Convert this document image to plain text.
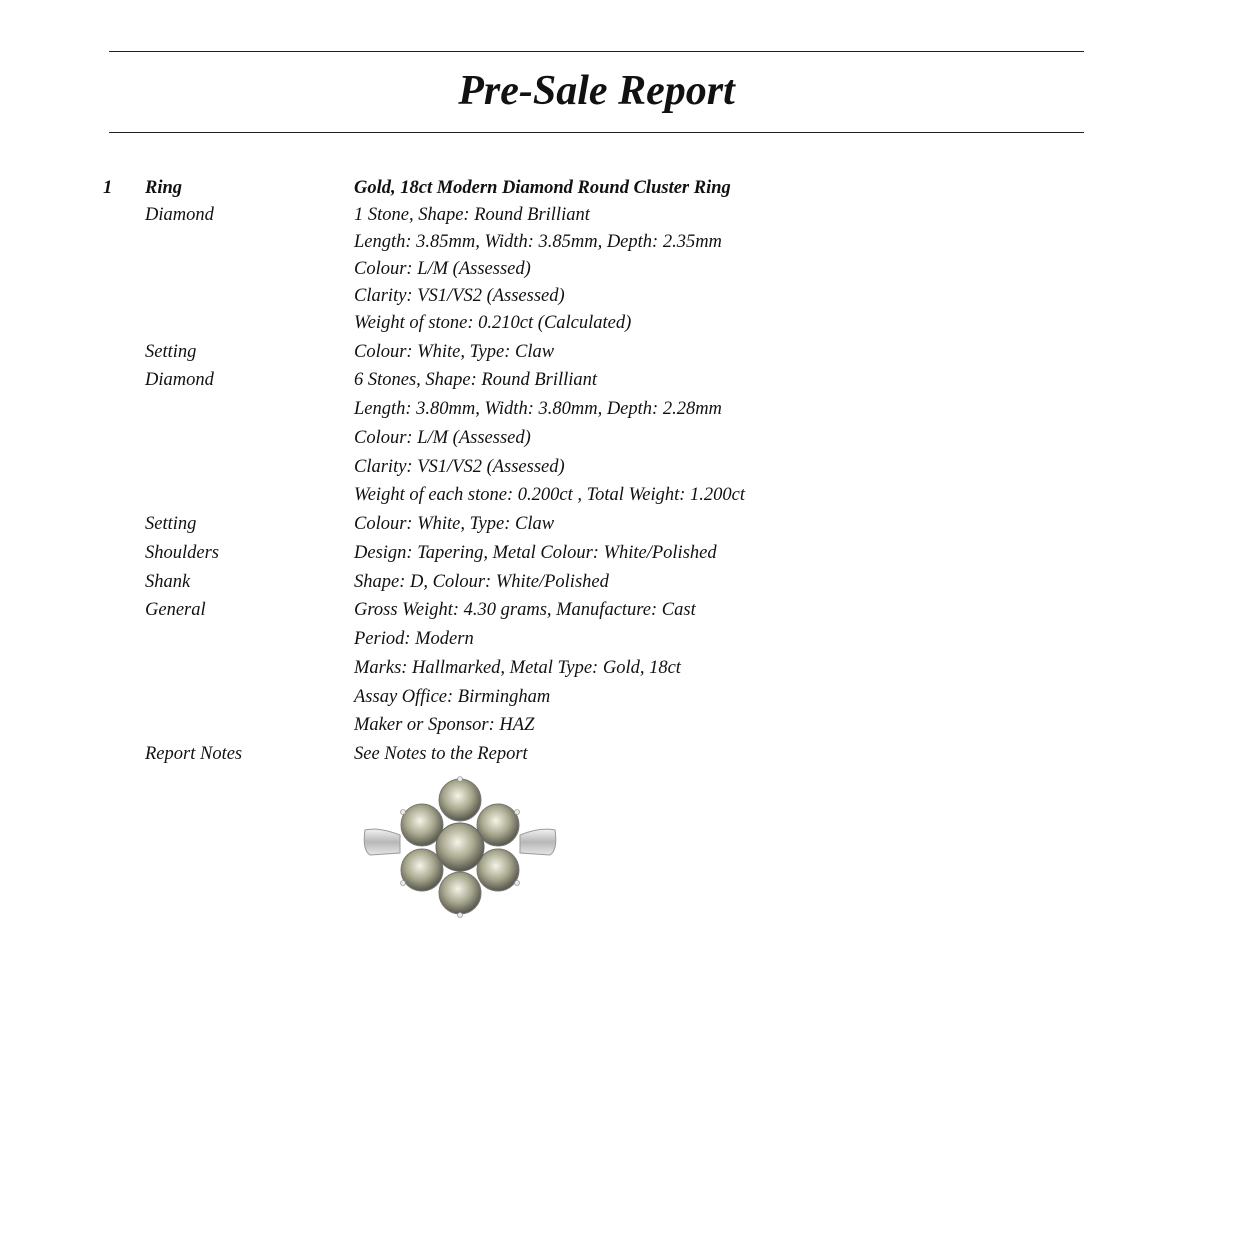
Pre-Sale Report
1 Ring	Gold, 18ct Modern Diamond Round Cluster Ring
Diamond	1 Stone, Shape: Round Brilliant
Length: 3.85mm, Width: 3.85mm, Depth: 2.35mm
Colour: L/M (Assessed)
Clarity: VS1/VS2 (Assessed)
Weight of stone: 0.210ct (Calculated)
Setting	Colour: White, Type: Claw
Diamond	6 Stones, Shape: Round Brilliant
Length: 3.80mm, Width: 3.80mm, Depth: 2.28mm
Colour: L/M (Assessed)
Clarity: VS1/VS2 (Assessed)
Weight of each stone: 0.200ct , Total Weight: 1.200ct
Setting	Colour: White, Type: Claw
Shoulders	Design: Tapering, Metal Colour: White/Polished
Shank	Shape: D, Colour: White/Polished
General	Gross Weight: 4.30 grams, Manufacture: Cast
Period: Modern
Marks: Hallmarked, Metal Type: Gold, 18ct
Assay Office: Birmingham
Maker or Sponsor: HAZ
Report Notes	See Notes to the Report
